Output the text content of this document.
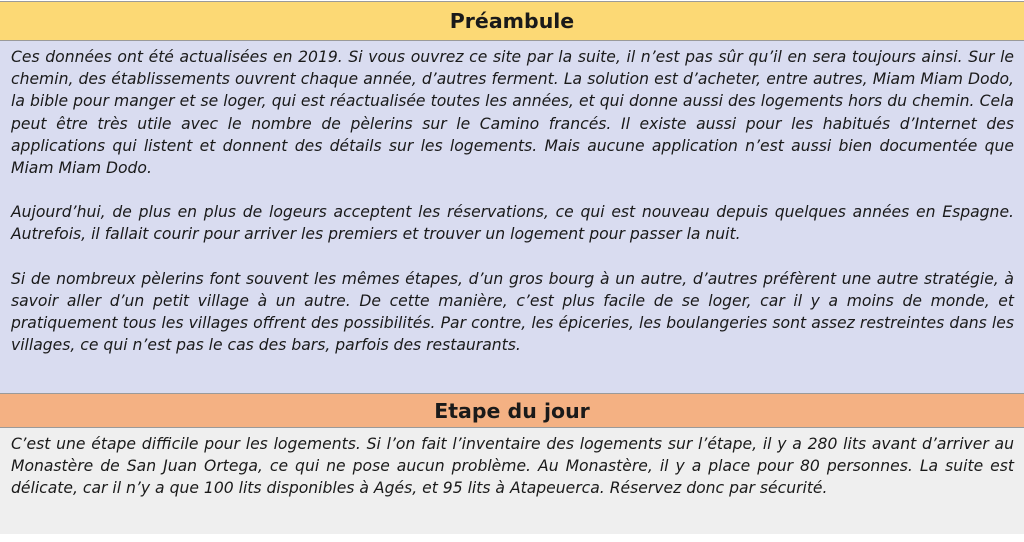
Préambule

Ces données ont été actualisées en 2019. Si vous ouvrez ce site par la suite, il n’est pas sûr qu’il en sera toujours ainsi. Sur le chemin, des établissements ouvrent chaque année, d’autres ferment. La solution est d’acheter, entre autres, Miam Miam Dodo, la bible pour manger et se loger, qui est réactualisée toutes les années, et qui donne aussi des logements hors du chemin. Cela peut être très utile avec le nombre de pèlerins sur le Camino francés. Il existe aussi pour les habitués d’Internet des applications qui listent et donnent des détails sur les logements. Mais aucune application n’est aussi bien documentée que Miam Miam Dodo.

Aujourd’hui, de plus en plus de logeurs acceptent les réservations, ce qui est nouveau depuis quelques années en Espagne. Autrefois, il fallait courir pour arriver les premiers et trouver un logement pour passer la nuit.

Si de nombreux pèlerins font souvent les mêmes étapes, d’un gros bourg à un autre, d’autres préfèrent une autre stratégie, à savoir aller d’un petit village à un autre. De cette manière, c’est plus facile de se loger, car il y a moins de monde, et pratiquement tous les villages offrent des possibilités. Par contre, les épiceries, les boulangeries sont assez restreintes dans les villages, ce qui n’est pas le cas des bars, parfois des restaurants.

Etape du jour

C’est une étape difficile pour les logements. Si l’on fait l’inventaire des logements sur l’étape, il y a 280 lits avant d’arriver au Monastère de San Juan Ortega, ce qui ne pose aucun problème. Au Monastère, il y a place pour 80 personnes. La suite est délicate, car il n’y a que 100 lits disponibles à Agés, et 95 lits à Atapeuerca. Réservez donc par sécurité.
